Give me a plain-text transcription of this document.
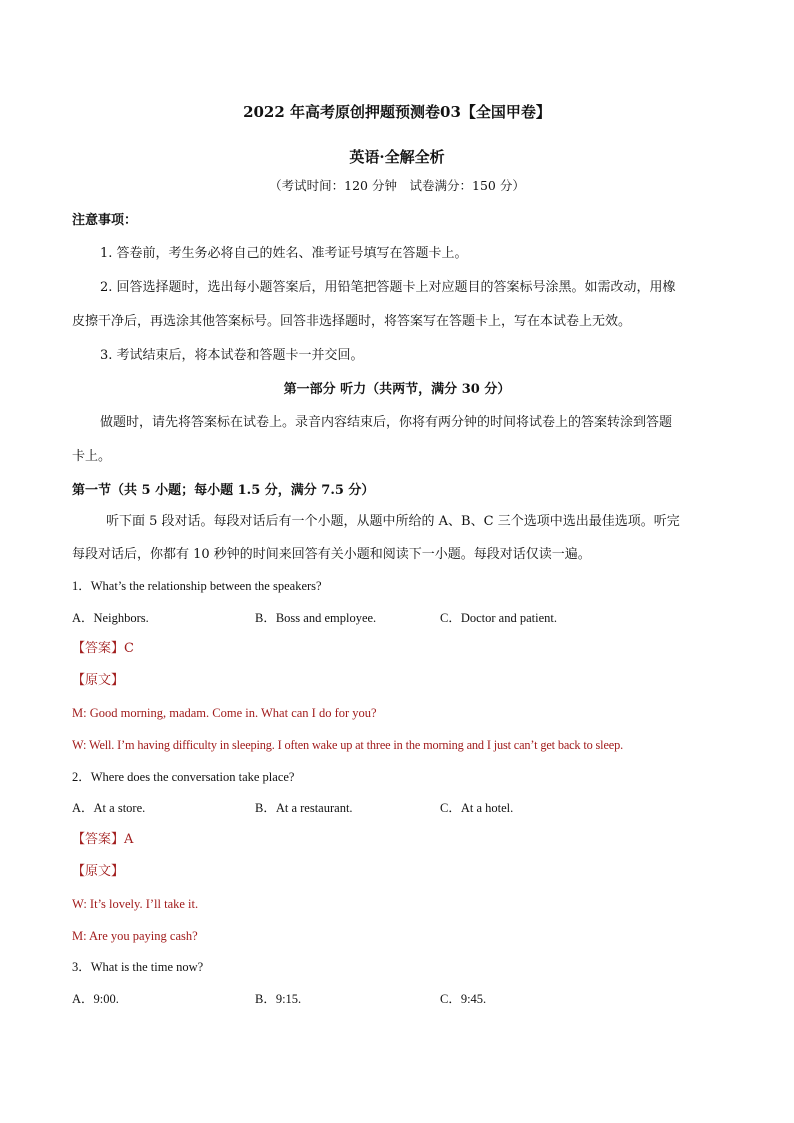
2022 年高考原创押题预测卷03【全国甲卷】
英语·全解全析
（考试时间：120 分钟　试卷满分：150 分）
注意事项：
1. 答卷前，考生务必将自己的姓名、准考证号填写在答题卡上。
2. 回答选择题时，选出每小题答案后，用铅笔把答题卡上对应题目的答案标号涂黑。如需改动，用橡
皮擦干净后，再选涂其他答案标号。回答非选择题时，将答案写在答题卡上，写在本试卷上无效。
3. 考试结束后，将本试卷和答题卡一并交回。
第一部分 听力（共两节，满分 30 分）
做题时，请先将答案标在试卷上。录音内容结束后，你将有两分钟的时间将试卷上的答案转涂到答题
卡上。
第一节（共 5 小题；每小题 1.5 分，满分 7.5 分）
听下面 5 段对话。每段对话后有一个小题，从题中所给的 A、B、C 三个选项中选出最佳选项。听完
每段对话后，你都有 10 秒钟的时间来回答有关小题和阅读下一小题。每段对话仅读一遍。
1．What’s the relationship between the speakers?
A．Neighbors.	B．Boss and employee.	C．Doctor and patient.
【答案】C
【原文】
M: Good morning, madam. Come in. What can I do for you?
W: Well. I’m having difficulty in sleeping. I often wake up at three in the morning and I just can’t get back to sleep.
2．Where does the conversation take place?
A．At a store.	B．At a restaurant.	C．At a hotel.
【答案】A
【原文】
W: It’s lovely. I’ll take it.
M: Are you paying cash?
3．What is the time now?
A．9:00.	B．9:15.	C．9:45.
